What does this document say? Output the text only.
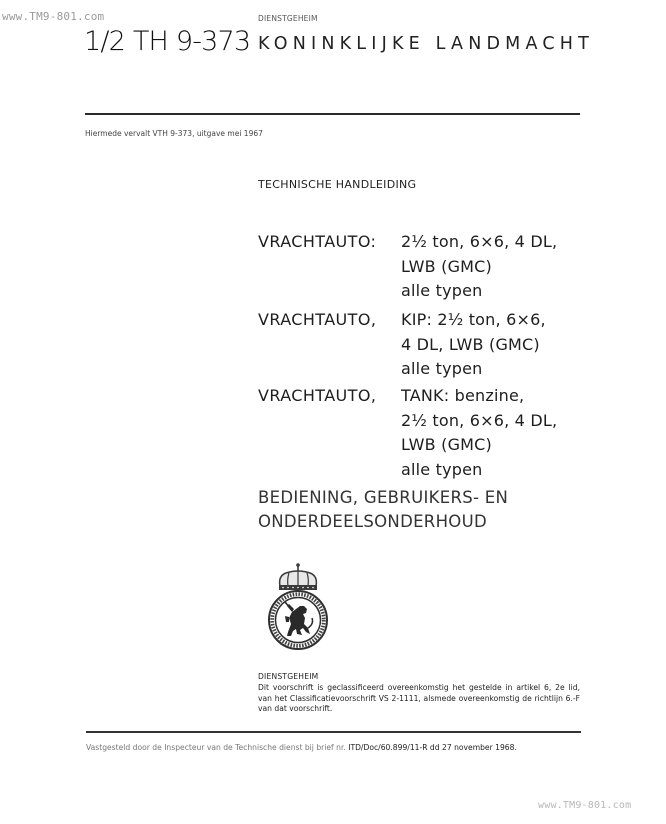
www.TM9-801.com
1/2 TH 9-373
DIENSTGEHEIM
KONINKLIJKE LANDMACHT
Hiermede vervalt VTH 9-373, uitgave mei 1967
TECHNISCHE HANDLEIDING
VRACHTAUTO: 2½ ton, 6×6, 4 DL,
LWB (GMC)
alle typen
VRACHTAUTO, KIP: 2½ ton, 6×6,
4 DL, LWB (GMC)
alle typen
VRACHTAUTO, TANK: benzine,
2½ ton, 6×6, 4 DL,
LWB (GMC)
alle typen
BEDIENING, GEBRUIKERS- EN
ONDERDEELSONDERHOUD
DIENSTGEHEIM
Dit voorschrift is geclassificeerd overeenkomstig het gestelde in artikel 6, 2e lid, van het Classificatievoorschrift VS 2-1111, alsmede overeenkomstig de richtlijn 6.-F van dat voorschrift.
Vastgesteld door de Inspecteur van de Technische dienst bij brief nr. ITD/Doc/60.899/11-R dd 27 november 1968.
www.TM9-801.com
